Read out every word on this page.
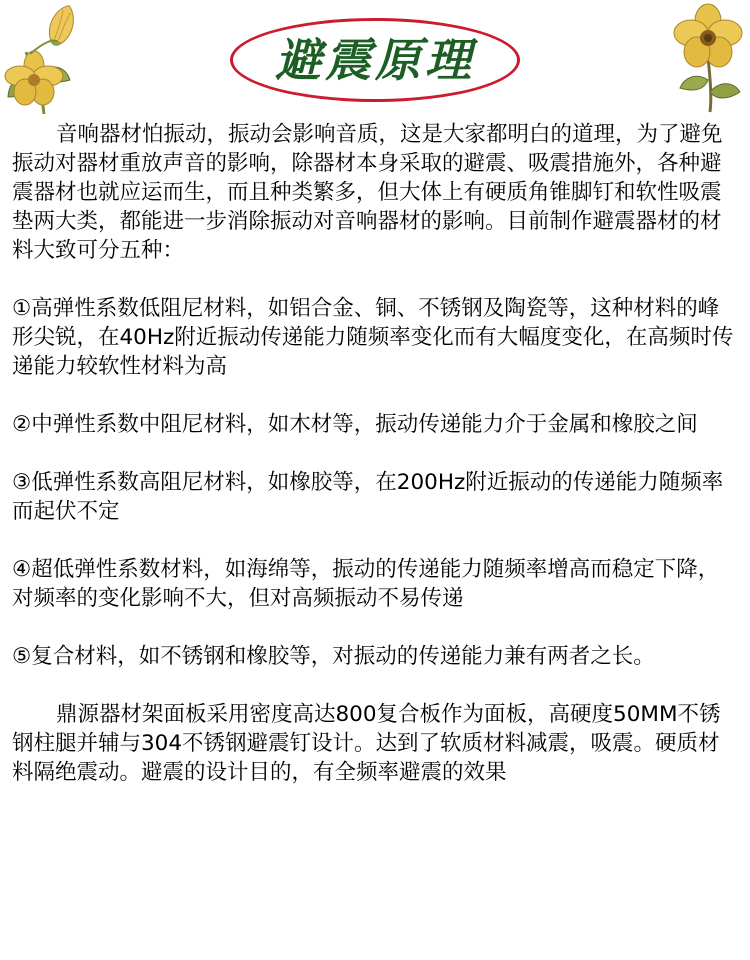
避震原理

音响器材怕振动，振动会影响音质，这是大家都明白的道理，为了避免振动对器材重放声音的影响，除器材本身采取的避震、吸震措施外，各种避震器材也就应运而生，而且种类繁多，但大体上有硬质角锥脚钉和软性吸震垫两大类，都能进一步消除振动对音响器材的影响。目前制作避震器材的材料大致可分五种：

①高弹性系数低阻尼材料，如铝合金、铜、不锈钢及陶瓷等，这种材料的峰形尖锐，在40Hz附近振动传递能力随频率变化而有大幅度变化，在高频时传递能力较软性材料为高

②中弹性系数中阻尼材料，如木材等，振动传递能力介于金属和橡胶之间

③低弹性系数高阻尼材料，如橡胶等，在200Hz附近振动的传递能力随频率而起伏不定

④超低弹性系数材料，如海绵等，振动的传递能力随频率增高而稳定下降，对频率的变化影响不大，但对高频振动不易传递

⑤复合材料，如不锈钢和橡胶等，对振动的传递能力兼有两者之长。

鼎源器材架面板采用密度高达800复合板作为面板，高硬度50MM不锈钢柱腿并辅与304不锈钢避震钉设计。达到了软质材料减震，吸震。硬质材料隔绝震动。避震的设计目的，有全频率避震的效果
